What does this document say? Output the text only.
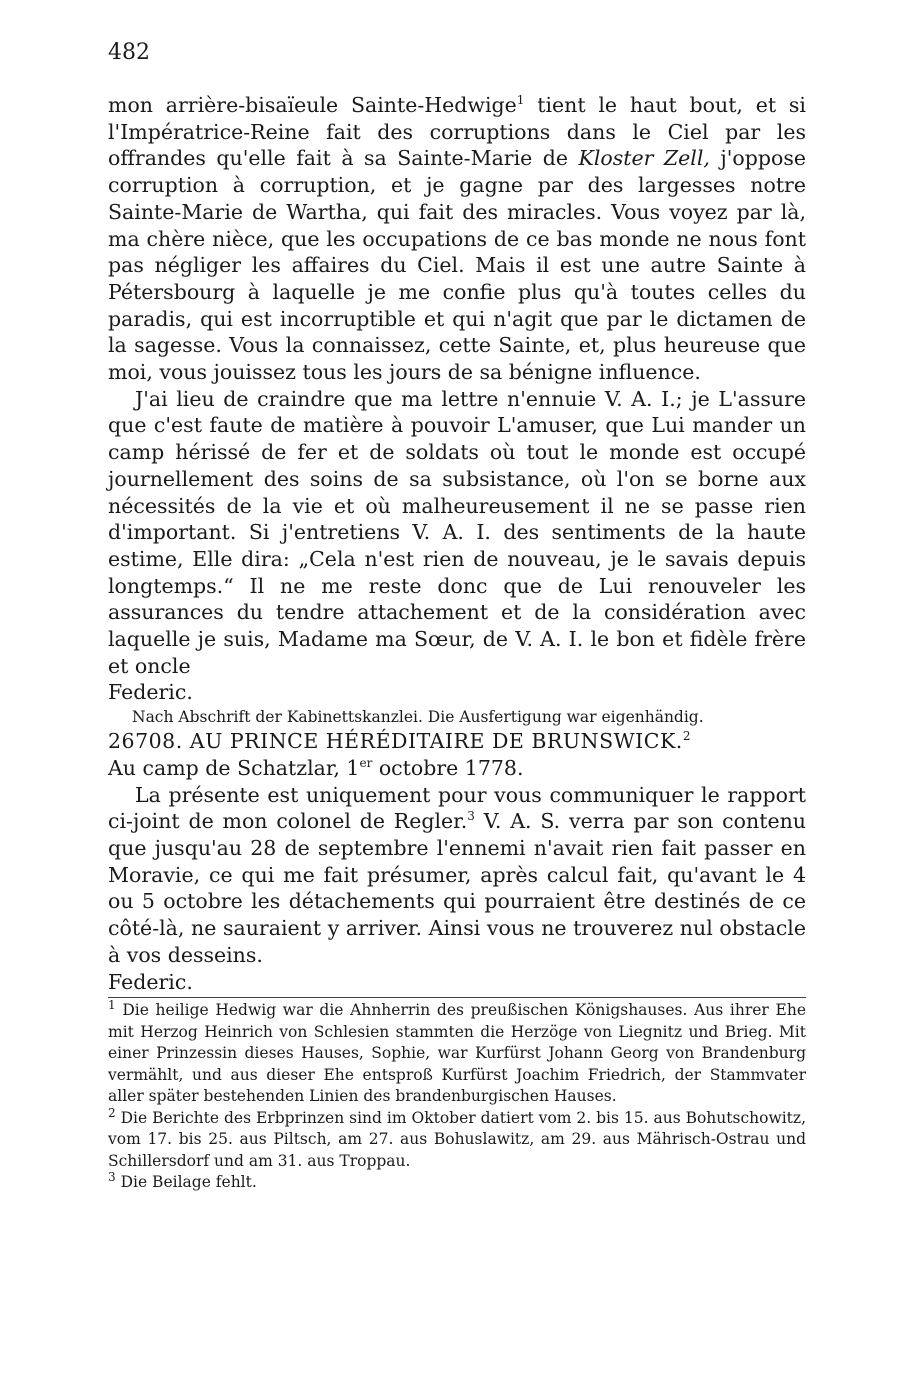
482

mon arrière-bisaïeule Sainte-Hedwige$^1$ tient le haut bout, et si l'Impératrice-Reine fait des corruptions dans le Ciel par les offrandes qu'elle fait à sa Sainte-Marie de Kloster Zell, j'oppose corruption à corruption, et je gagne par des largesses notre Sainte-Marie de Wartha, qui fait des miracles. Vous voyez par là, ma chère nièce, que les occupations de ce bas monde ne nous font pas négliger les affaires du Ciel. Mais il est une autre Sainte à Pétersbourg à laquelle je me confie plus qu'à toutes celles du paradis, qui est incorruptible et qui n'agit que par le dictamen de la sagesse. Vous la connaissez, cette Sainte, et, plus heureuse que moi, vous jouissez tous les jours de sa bénigne influence.

J'ai lieu de craindre que ma lettre n'ennuie V. A. I.; je L'assure que c'est faute de matière à pouvoir L'amuser, que Lui mander un camp hérissé de fer et de soldats où tout le monde est occupé journellement des soins de sa subsistance, où l'on se borne aux nécessités de la vie et où malheureusement il ne se passe rien d'important. Si j'entretiens V. A. I. des sentiments de la haute estime, Elle dira: „Cela n'est rien de nouveau, je le savais depuis longtemps.“ Il ne me reste donc que de Lui renouveler les assurances du tendre attachement et de la considération avec laquelle je suis, Madame ma Sœur, de V. A. I. le bon et fidèle frère et oncle

Federic.

Nach Abschrift der Kabinettskanzlei. Die Ausfertigung war eigenhändig.

26708. AU PRINCE HÉRÉDITAIRE DE BRUNSWICK.$^2$

Au camp de Schatzlar, 1er octobre 1778.

La présente est uniquement pour vous communiquer le rapport ci-joint de mon colonel de Regler.$^3$ V. A. S. verra par son contenu que jusqu'au 28 de septembre l'ennemi n'avait rien fait passer en Moravie, ce qui me fait présumer, après calcul fait, qu'avant le 4 ou 5 octobre les détachements qui pourraient être destinés de ce côté-là, ne sauraient y arriver. Ainsi vous ne trouverez nul obstacle à vos desseins.

Federic.

$^1$ Die heilige Hedwig war die Ahnherrin des preußischen Königshauses. Aus ihrer Ehe mit Herzog Heinrich von Schlesien stammten die Herzöge von Liegnitz und Brieg. Mit einer Prinzessin dieses Hauses, Sophie, war Kurfürst Johann Georg von Brandenburg vermählt, und aus dieser Ehe entsproß Kurfürst Joachim Friedrich, der Stammvater aller später bestehenden Linien des brandenburgischen Hauses.

$^2$ Die Berichte des Erbprinzen sind im Oktober datiert vom 2. bis 15. aus Bohutschowitz, vom 17. bis 25. aus Piltsch, am 27. aus Bohuslawitz, am 29. aus Mährisch-Ostrau und Schillersdorf und am 31. aus Troppau.

$^3$ Die Beilage fehlt.
